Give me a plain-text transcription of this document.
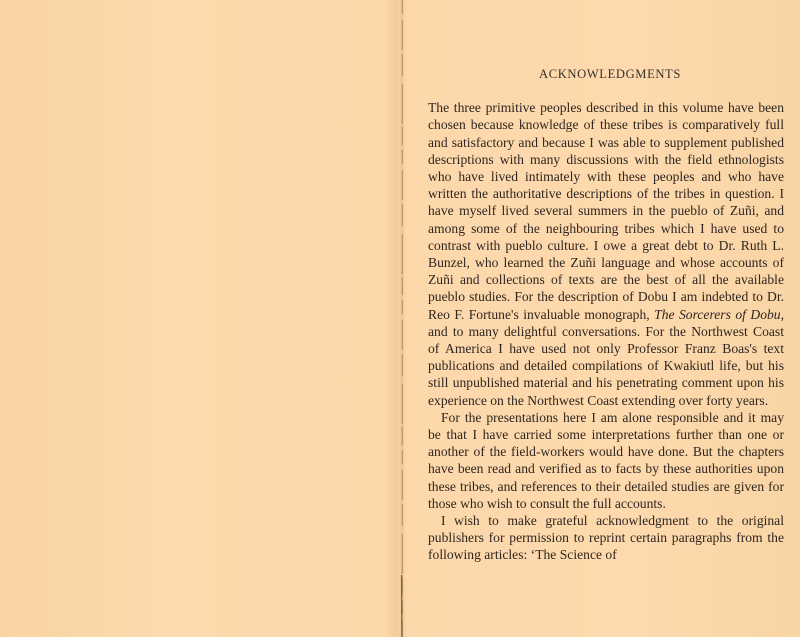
ACKNOWLEDGMENTS

The three primitive peoples described in this volume have been chosen because knowledge of these tribes is comparatively full and satisfactory and because I was able to supplement published descriptions with many discussions with the field ethnologists who have lived intimately with these peoples and who have written the authoritative descriptions of the tribes in question. I have myself lived several summers in the pueblo of Zuñi, and among some of the neighbouring tribes which I have used to contrast with pueblo culture. I owe a great debt to Dr. Ruth L. Bunzel, who learned the Zuñi language and whose accounts of Zuñi and collections of texts are the best of all the available pueblo studies. For the description of Dobu I am indebted to Dr. Reo F. Fortune's invaluable monograph, The Sorcerers of Dobu, and to many delightful conversations. For the Northwest Coast of America I have used not only Professor Franz Boas's text publications and detailed compilations of Kwakiutl life, but his still unpublished material and his penetrating comment upon his experience on the Northwest Coast extending over forty years.

For the presentations here I am alone responsible and it may be that I have carried some interpretations further than one or another of the field-workers would have done. But the chapters have been read and verified as to facts by these authorities upon these tribes, and references to their detailed studies are given for those who wish to consult the full accounts.

I wish to make grateful acknowledgment to the original publishers for permission to reprint certain paragraphs from the following articles: ‘The Science of
